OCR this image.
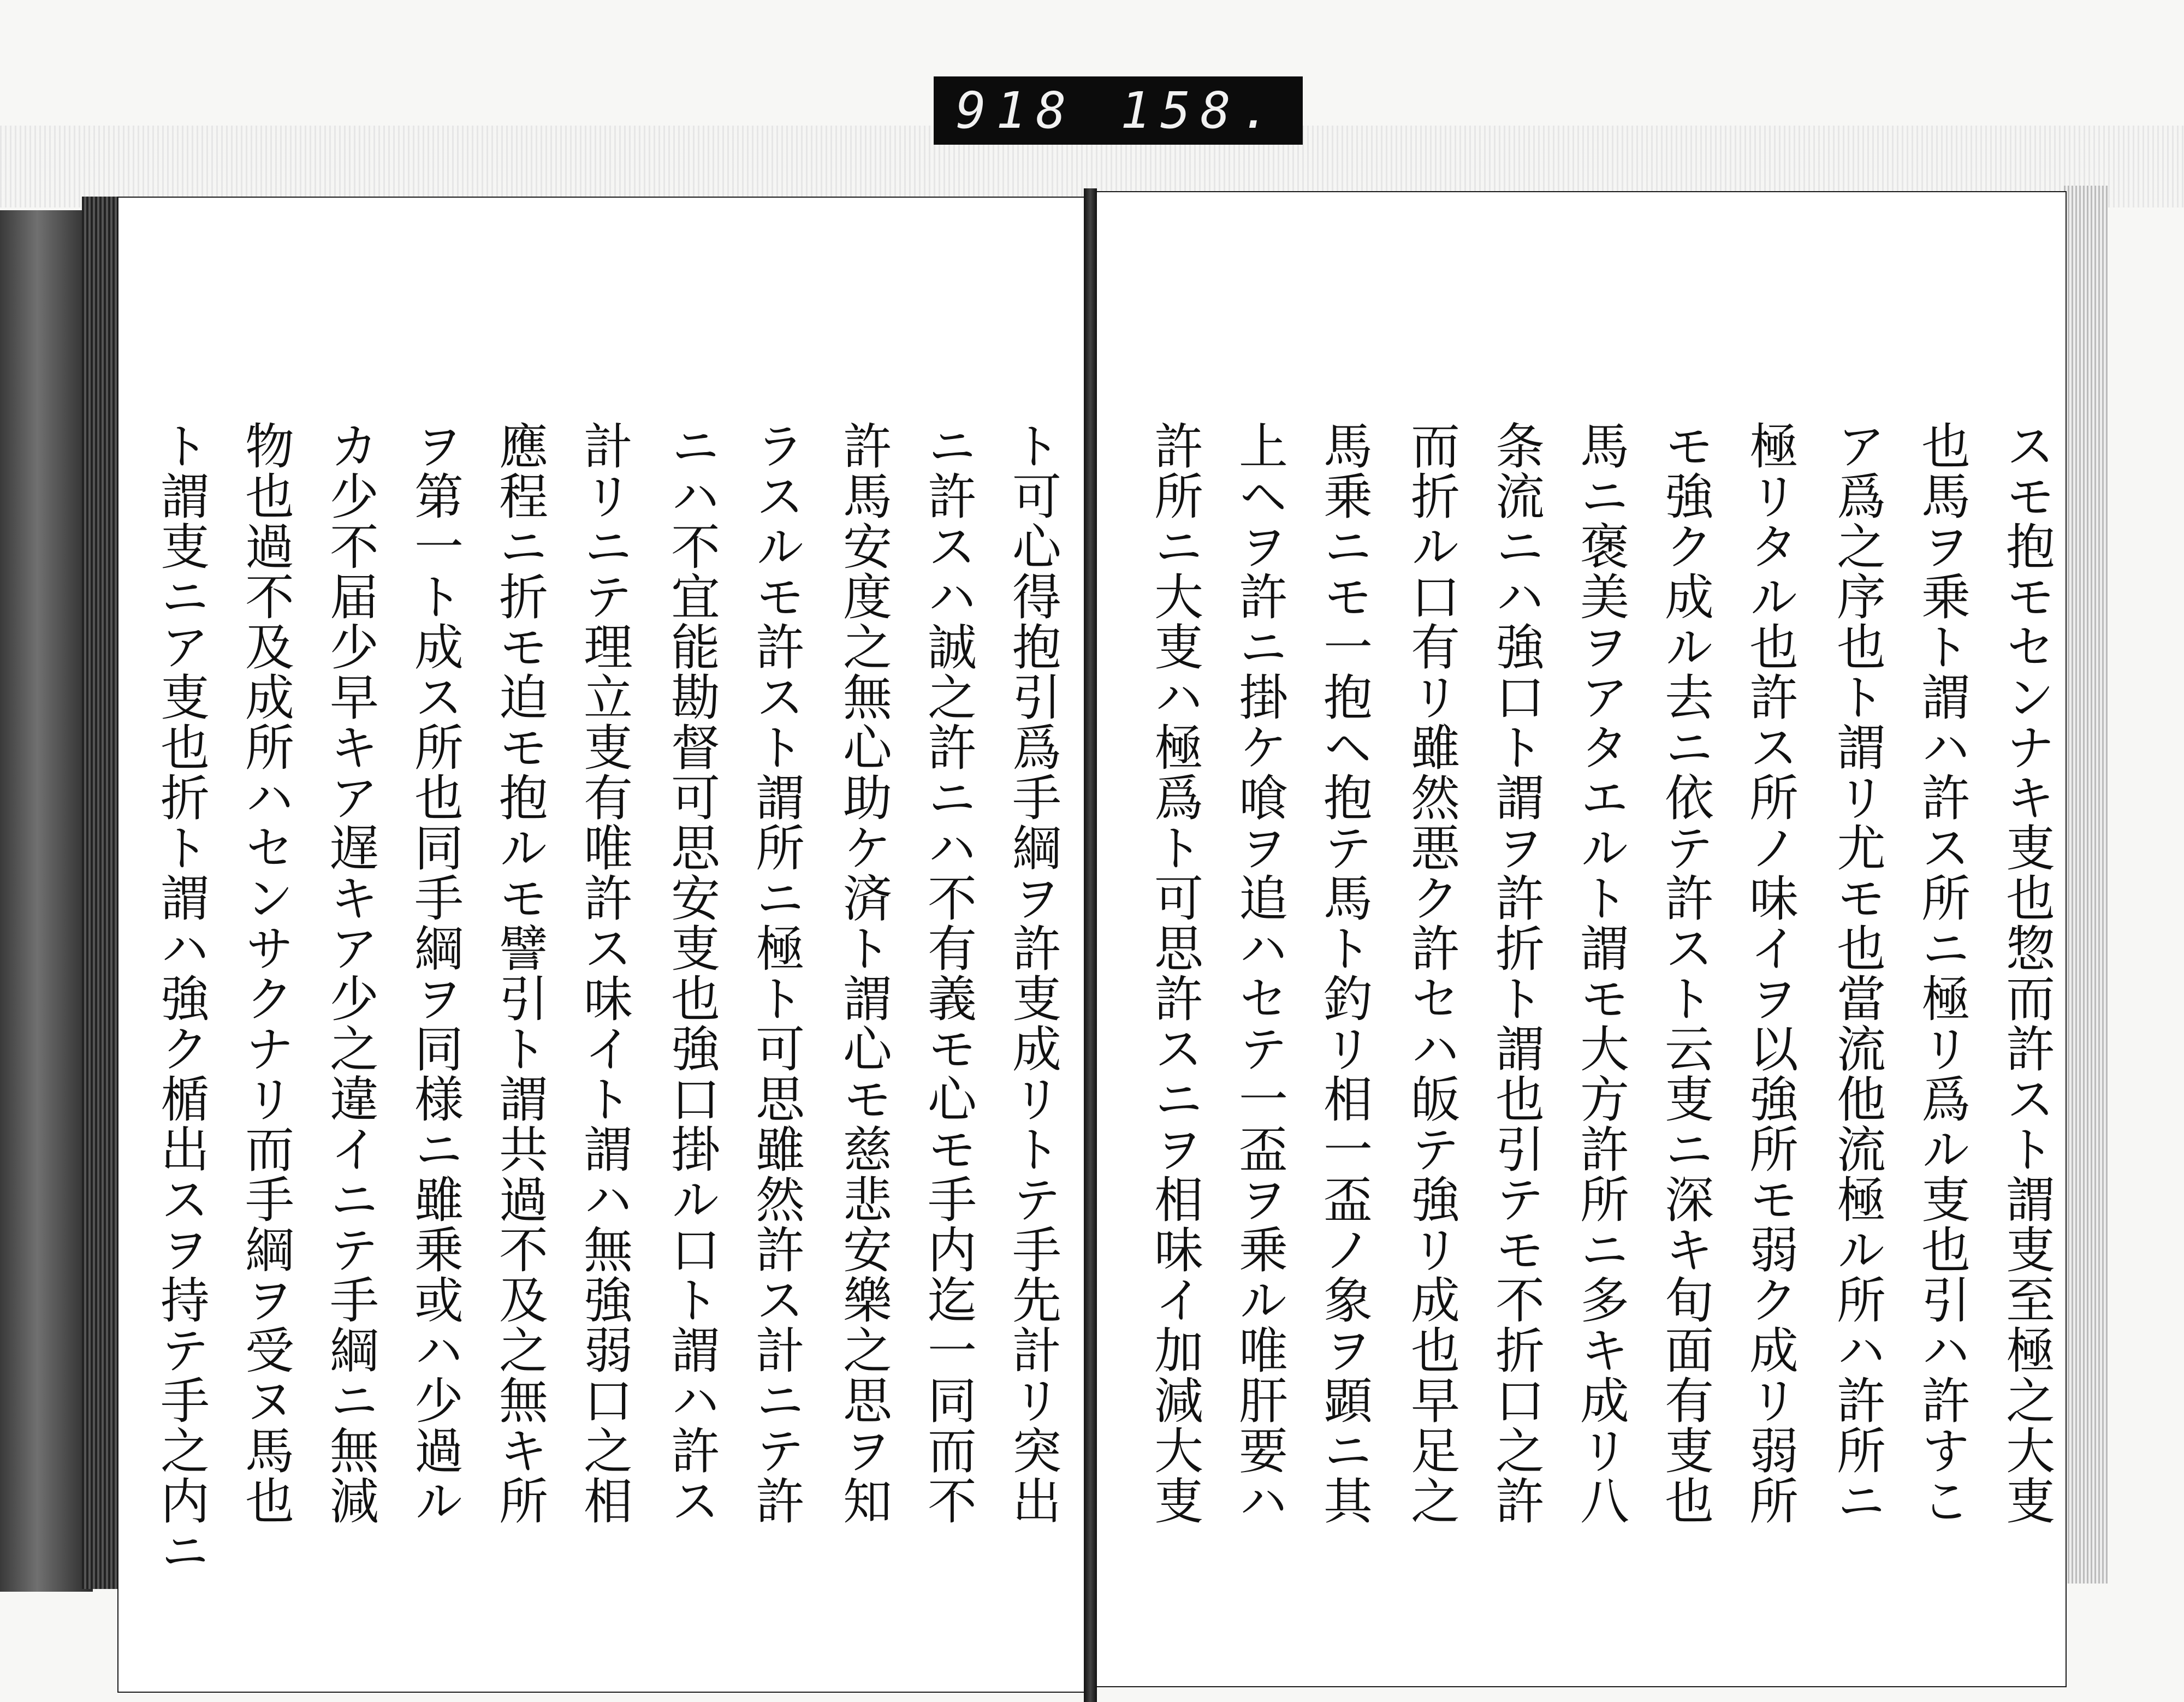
918 158.
スモ抱モセンナキ叓也惣而許スト謂叓至極之大叓
也馬ヲ乗ト謂ハ許ス所ニ極リ爲ル叓也引ハ許すこ
ア爲之序也ト謂リ尤モ也當流他流極ル所ハ許所ニ
極リタル也許ス所ノ味イヲ以強所モ弱ク成リ弱所
モ強ク成ル去ニ依テ許スト云叓ニ深キ旬面有叓也
馬ニ褒美ヲアタエルト謂モ大方許所ニ多キ成リ八
条流ニハ強口ト謂ヲ許折ト謂也引テモ不折口之許
而折ル口有リ雖然悪ク許セハ皈テ強リ成也早足之
馬乗ニモ一抱ヘ抱テ馬ト釣リ相一盃ノ象ヲ顕ニ其
上ヘヲ許ニ掛ケ喰ヲ追ハセテ一盃ヲ乗ル唯肝要ハ
許所ニ大叓ハ極爲ト可思許スニヲ相味イ加減大叓
ト可心得抱引爲手綱ヲ許叓成リトテ手先計リ突出
ニ許スハ誠之許ニハ不有義モ心モ手内迄一同而不
許馬安度之無心助ケ済ト謂心モ慈悲安樂之思ヲ知
ラスルモ許スト謂所ニ極ト可思雖然許ス計ニテ許
ニハ不宜能勘督可思安叓也強口掛ル口ト謂ハ許ス
計リニテ理立叓有唯許ス味イト謂ハ無強弱口之相
應程ニ折モ迫モ抱ルモ譬引ト謂共過不及之無キ所
ヲ第一ト成ス所也同手綱ヲ同様ニ雖乗或ハ少過ル
カ少不届少早キア遅キア少之違イニテ手綱ニ無減
物也過不及成所ハセンサクナリ而手綱ヲ受ヌ馬也
ト謂叓ニア叓也折ト謂ハ強ク楯出スヲ持テ手之内ニ
